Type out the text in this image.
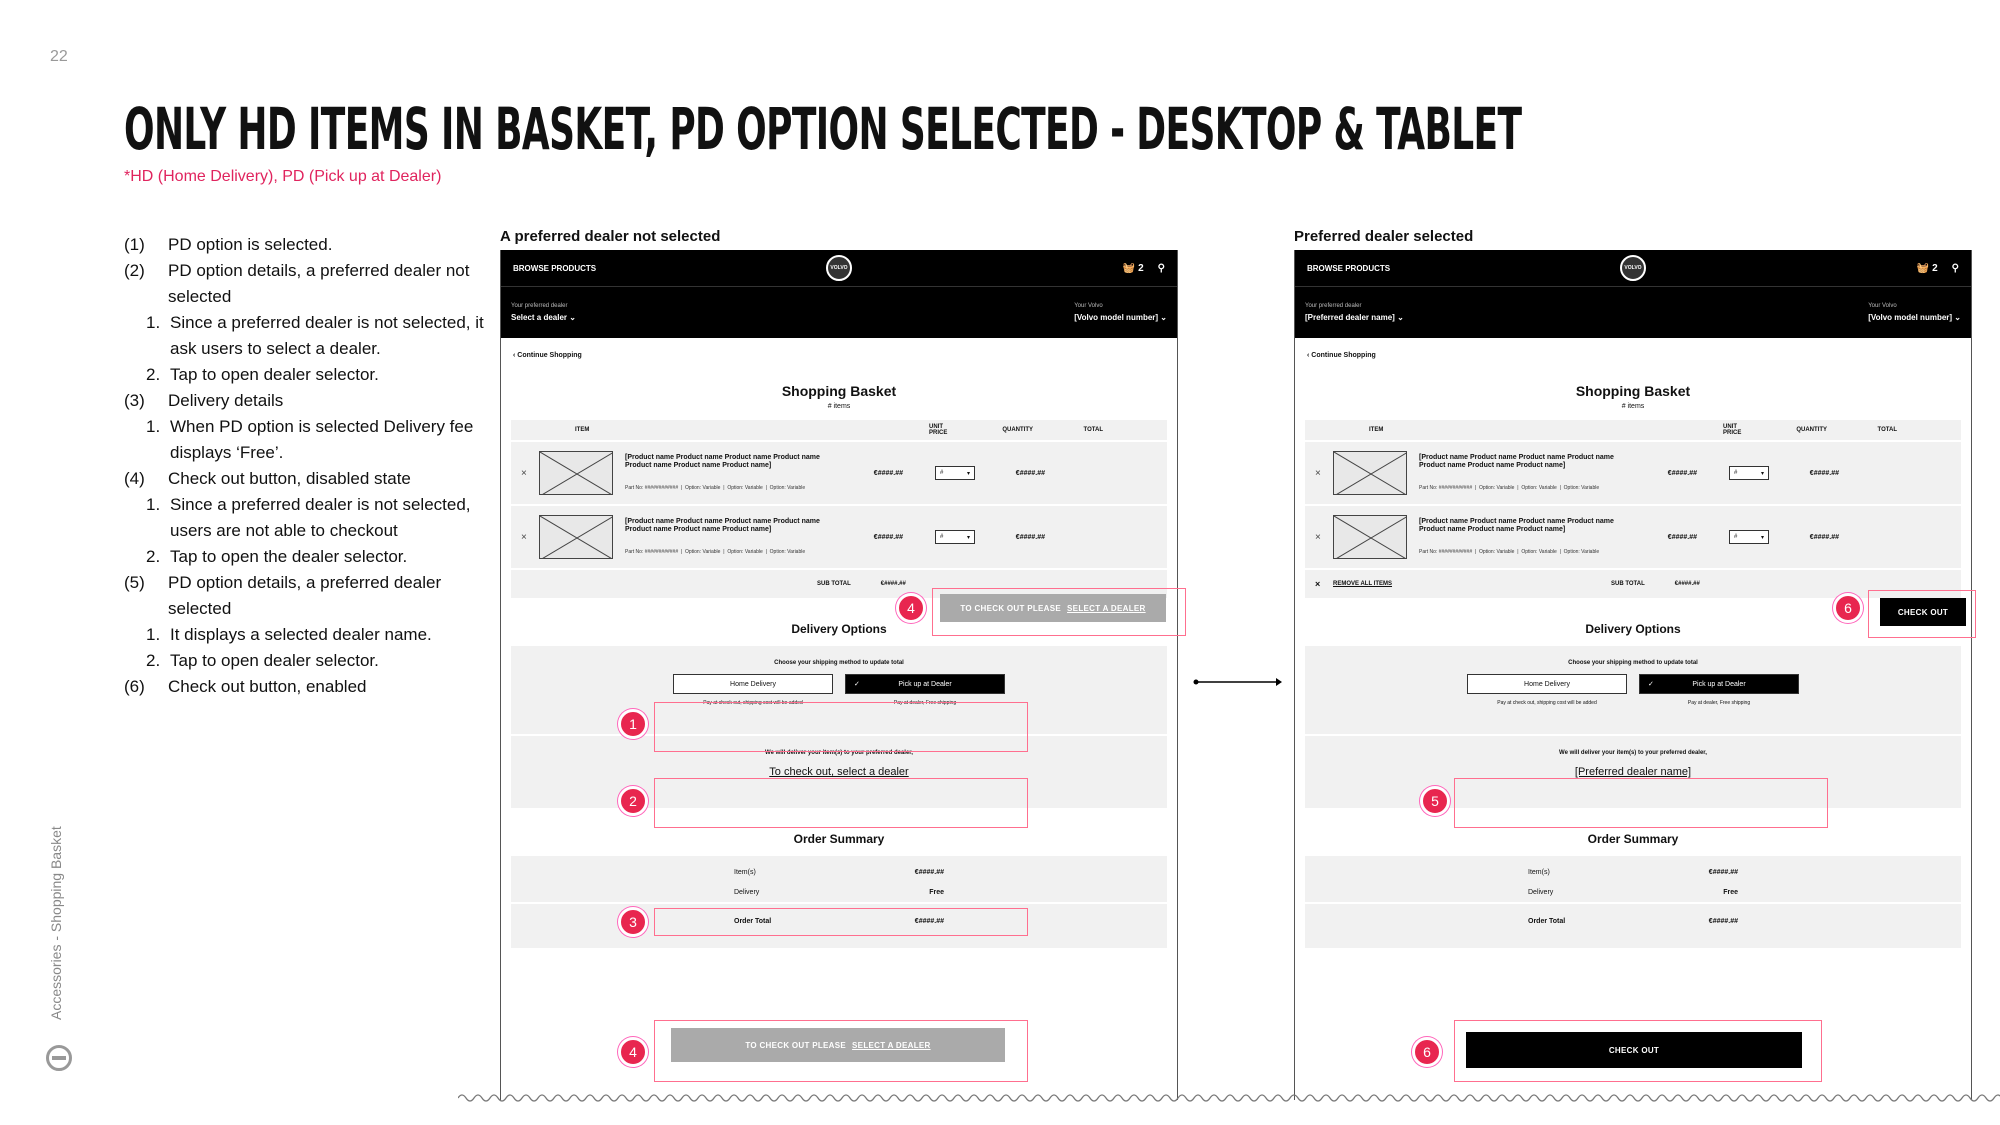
22
ONLY HD ITEMS IN BASKET, PD OPTION SELECTED - DESKTOP & TABLET
*HD (Home Delivery), PD (Pick up at Dealer)
(1)	PD option is selected.
(2)	PD option details, a preferred dealer not selected
1. Since a preferred dealer is not selected, it ask users to select a dealer.
2. Tap to open dealer selector.
(3)	Delivery details
1. When PD option is selected Delivery fee displays ‘Free’.
(4)	Check out button, disabled state
1. Since a preferred dealer is not selected, users are not able to checkout
2. Tap to open the dealer selector.
(5)	PD option details, a preferred dealer selected
1. It displays a selected dealer name.
2. Tap to open dealer selector.
(6)	Check out button, enabled
Accessories - Shopping Basket
A preferred dealer not selected
BROWSE PRODUCTS	VOLVO	🧺 2 ⚲
Your preferred dealer
Select a dealer ⌄
Your Volvo
[Volvo model number] ⌄
‹ Continue Shopping
Shopping Basket
# items
ITEM	UNIT PRICE	QUANTITY	TOTAL
×
[Product name Product name Product name Product name Product name Product name Product name]
Part No: ############  |  Option: Variable  |  Option: Variable  |  Option: Variable
€####.##	#	▾	€####.##
×
[Product name Product name Product name Product name Product name Product name Product name]
Part No: ############  |  Option: Variable  |  Option: Variable  |  Option: Variable
€####.##	#	▾	€####.##
SUB TOTAL	€####.##
Delivery Options
Choose your shipping method to update total
Home Delivery	✓	Pick up at Dealer
Pay at check out, shipping cost will be added	Pay at dealer, Free shipping
We will deliver your item(s) to your preferred dealer,
To check out, select a dealer
Order Summary
Item(s)	€####.##
Delivery	Free
Order Total	€####.##
TO CHECK OUT PLEASE SELECT A DEALER
TO CHECK OUT PLEASE SELECT A DEALER
Preferred dealer selected
BROWSE PRODUCTS	VOLVO	🧺 2 ⚲
Your preferred dealer
[Preferred dealer name] ⌄
Your Volvo
[Volvo model number] ⌄
‹ Continue Shopping
Shopping Basket
# items
ITEM	UNIT PRICE	QUANTITY	TOTAL
×
[Product name Product name Product name Product name Product name Product name Product name]
Part No: ############  |  Option: Variable  |  Option: Variable  |  Option: Variable
€####.##	#	▾	€####.##
×
[Product name Product name Product name Product name Product name Product name Product name]
Part No: ############  |  Option: Variable  |  Option: Variable  |  Option: Variable
€####.##	#	▾	€####.##
×	REMOVE ALL ITEMS	SUB TOTAL	€####.##
Delivery Options
Choose your shipping method to update total
Home Delivery	✓	Pick up at Dealer
Pay at check out, shipping cost will be added	Pay at dealer, Free shipping
We will deliver your item(s) to your preferred dealer,
[Preferred dealer name]
Order Summary
Item(s)	€####.##
Delivery	Free
Order Total	€####.##
CHECK OUT
CHECK OUT
4
1
2
3
4
5
6
6
